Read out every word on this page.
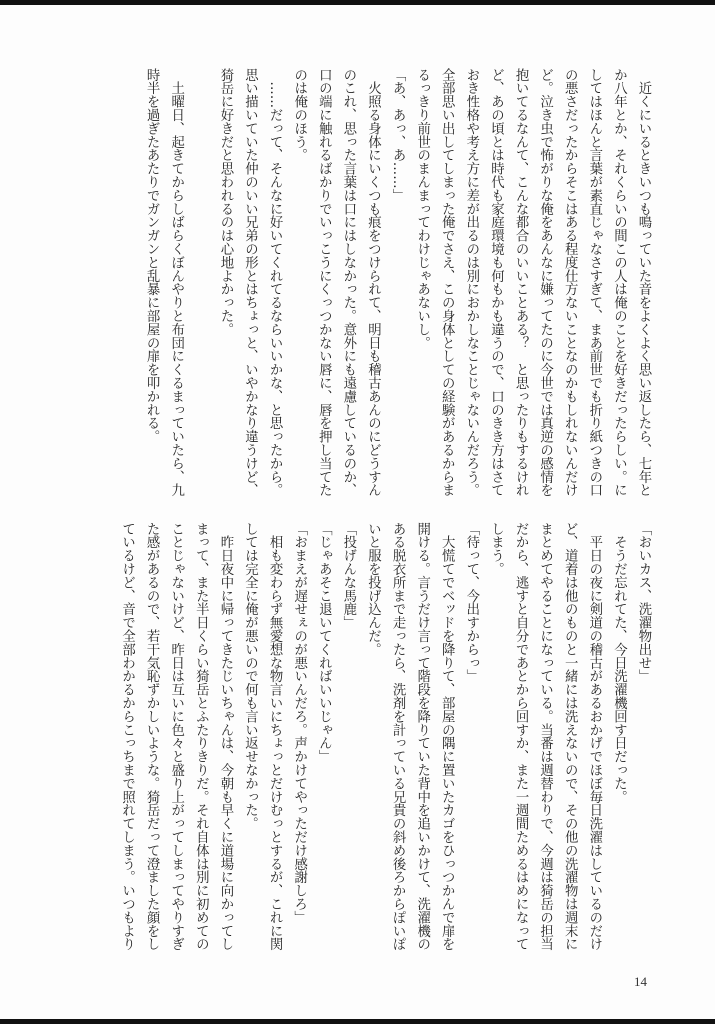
　近くにいるときいつも鳴っていた音をよくよく思い返したら、七年と
か八年とか、それくらいの間この人は俺のことを好きだったらしい。に
してはほんと言葉が素直じゃなさすぎて、まあ前世でも折り紙つきの口
の悪さだったからそこはある程度仕方ないことなのかもしれないんだけ
ど。泣き虫で怖がりな俺をあんなに嫌ってたのに今世では真逆の感情を
抱いてるなんて、こんな都合のいいことある？　と思ったりもするけれ
ど、あの頃とは時代も家庭環境も何もかも違うので、口のきき方はさて
おき性格や考え方に差が出るのは別におかしなことじゃないんだろう。
全部思い出してしまった俺でさえ、この身体としての経験があるからま
るっきり前世のまんまってわけじゃあないし。
「あ、あっ、あ……」
　火照る身体にいくつも痕をつけられて、明日も稽古あんのにどうすん
のこれ、思った言葉は口にはしなかった。意外にも遠慮しているのか、
口の端に触れるばかりでいっこうにくっつかない唇に、唇を押し当てた
のは俺のほう。
　……だって、そんなに好いてくれてるならいいかな、と思ったから。
思い描いていた仲のいい兄弟の形とはちょっと、いやかなり違うけど、
猗岳に好きだと思われるのは心地よかった。
　土曜日、起きてからしばらくぼんやりと布団にくるまっていたら、九
時半を過ぎたあたりでガンガンと乱暴に部屋の扉を叩かれる。
「おいカス、洗濯物出せ」
　そうだ忘れてた、今日洗濯機回す日だった。
　平日の夜に剣道の稽古があるおかげでほぼ毎日洗濯はしているのだけ
ど、道着は他のものと一緒には洗えないので、その他の洗濯物は週末に
まとめてやることになっている。当番は週替わりで、今週は猗岳の担当
だから、逃すと自分であとから回すか、また一週間ためるはめになって
しまう。
「待って、今出すからっ」
　大慌てでベッドを降りて、部屋の隅に置いたカゴをひっつかんで扉を
開ける。言うだけ言って階段を降りていた背中を追いかけて、洗濯機の
ある脱衣所まで走ったら、洗剤を計っている兄貴の斜め後ろからぽいぽ
いと服を投げ込んだ。
「投げんな馬鹿」
「じゃあそこ退いてくればいいじゃん」
「おまえが遅せぇのが悪いんだろ。声かけてやっただけ感謝しろ」
　相も変わらず無愛想な物言いにちょっとだけむっとするが、これに関
しては完全に俺が悪いので何も言い返せなかった。
　昨日夜中に帰ってきたじいちゃんは、今朝も早くに道場に向かってし
まって、また半日くらい猗岳とふたりきりだ。それ自体は別に初めての
ことじゃないけど、昨日は互いに色々と盛り上がってしまってやりすぎ
た感があるので、若干気恥ずかしいような。猗岳だって澄ました顔をし
ているけど、音で全部わかるからこっちまで照れてしまう。いつもより
14
